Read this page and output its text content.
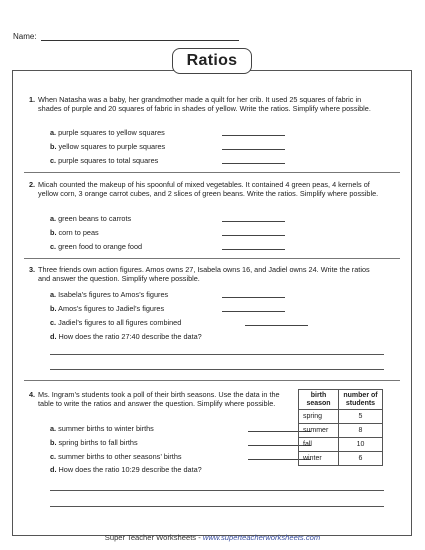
Name:
Ratios
1. When Natasha was a baby, her grandmother made a quilt for her crib. It used 25 squares of fabric in shades of purple and 20 squares of fabric in shades of yellow. Write the ratios. Simplify where possible.

a. purple squares to yellow squares
b. yellow squares to purple squares
c. purple squares to total squares
2. Micah counted the makeup of his spoonful of mixed vegetables. It contained 4 green peas, 4 kernels of yellow corn, 3 orange carrot cubes, and 2 slices of green beans. Write the ratios. Simplify where possible.

a. green beans to carrots
b. corn to peas
c. green food to orange food
3. Three friends own action figures. Amos owns 27, Isabela owns 16, and Jadiel owns 24. Write the ratios and answer the question. Simplify where possible.

a. Isabela’s figures to Amos’s figures
b. Amos’s figures to Jadiel’s figures
c. Jadiel’s figures to all figures combined
d. How does the ratio 27:40 describe the data?
4. Ms. Ingram’s students took a poll of their birth seasons. Use the data in the table to write the ratios and answer the question. Simplify where possible.

a. summer births to winter births
b. spring births to fall births
c. summer births to other seasons’ births
d. How does the ratio 10:29 describe the data?
birth season	number of students
spring	5
summer	8
fall	10
winter	6
Super Teacher Worksheets - www.superteacherworksheets.com
